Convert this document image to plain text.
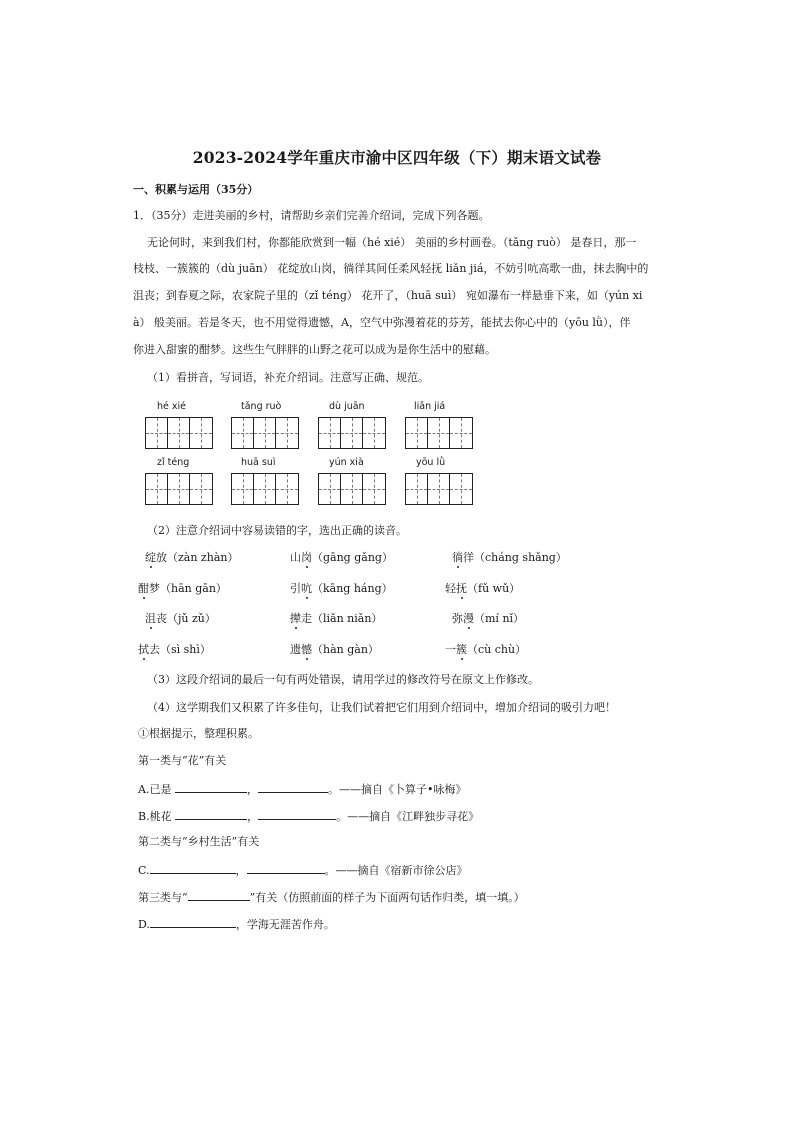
2023-2024学年重庆市渝中区四年级（下）期末语文试卷
一、积累与运用（35分）
1．（35分）走进美丽的乡村，请帮助乡亲们完善介绍词，完成下列各题。
无论何时，来到我们村，你都能欣赏到一幅（hé xié） 美丽的乡村画卷。（tǎng ruò） 是春日，那一
枝枝、一簇簇的（dù juān） 花绽放山岗，徜徉其间任柔风轻抚 liǎn jiá，不妨引吭高歌一曲，抹去胸中的
沮丧；到春夏之际，农家院子里的（zǐ téng） 花开了，（huā suì） 宛如瀑布一样悬垂下来，如（yún xi
à） 般美丽。若是冬天，也不用觉得遗憾，A，空气中弥漫着花的芬芳，能拭去你心中的（yōu lǜ），伴
你进入甜蜜的酣梦。这些生气胖胖的山野之花可以成为是你生活中的慰藉。
（1）看拼音，写词语，补充介绍词。注意写正确、规范。
hé xié	tǎng ruò	dù juān	liǎn jiá
zǐ téng	huā suì	yún xià	yōu lǜ
（2）注意介绍词中容易读错的字，选出正确的读音。
绽放（zàn zhàn）	山岗（gāng gǎng）	徜徉（cháng shǎng）
酣梦（hān gān）	引吭（kāng háng）	轻抚（fǔ wǔ）
沮丧（jǔ zǔ）	撵走（liǎn niǎn）	弥漫（mí nǐ）
拭去（sì shì）	遗憾（hàn gàn）	一簇（cù chù）
（3）这段介绍词的最后一句有两处错误，请用学过的修改符号在原文上作修改。
（4）这学期我们又积累了许多佳句，让我们试着把它们用到介绍词中，增加介绍词的吸引力吧！
①根据提示，整理积累。
第一类与“花”有关
A.已是	，	。——摘自《卜算子•咏梅》
B.桃花	，	。——摘自《江畔独步寻花》
第二类与“乡村生活”有关
C.	，	。——摘自《宿新市徐公店》
第三类与“	”有关（仿照前面的样子为下面两句话作归类，填一填。）
D.	，学海无涯苦作舟。
